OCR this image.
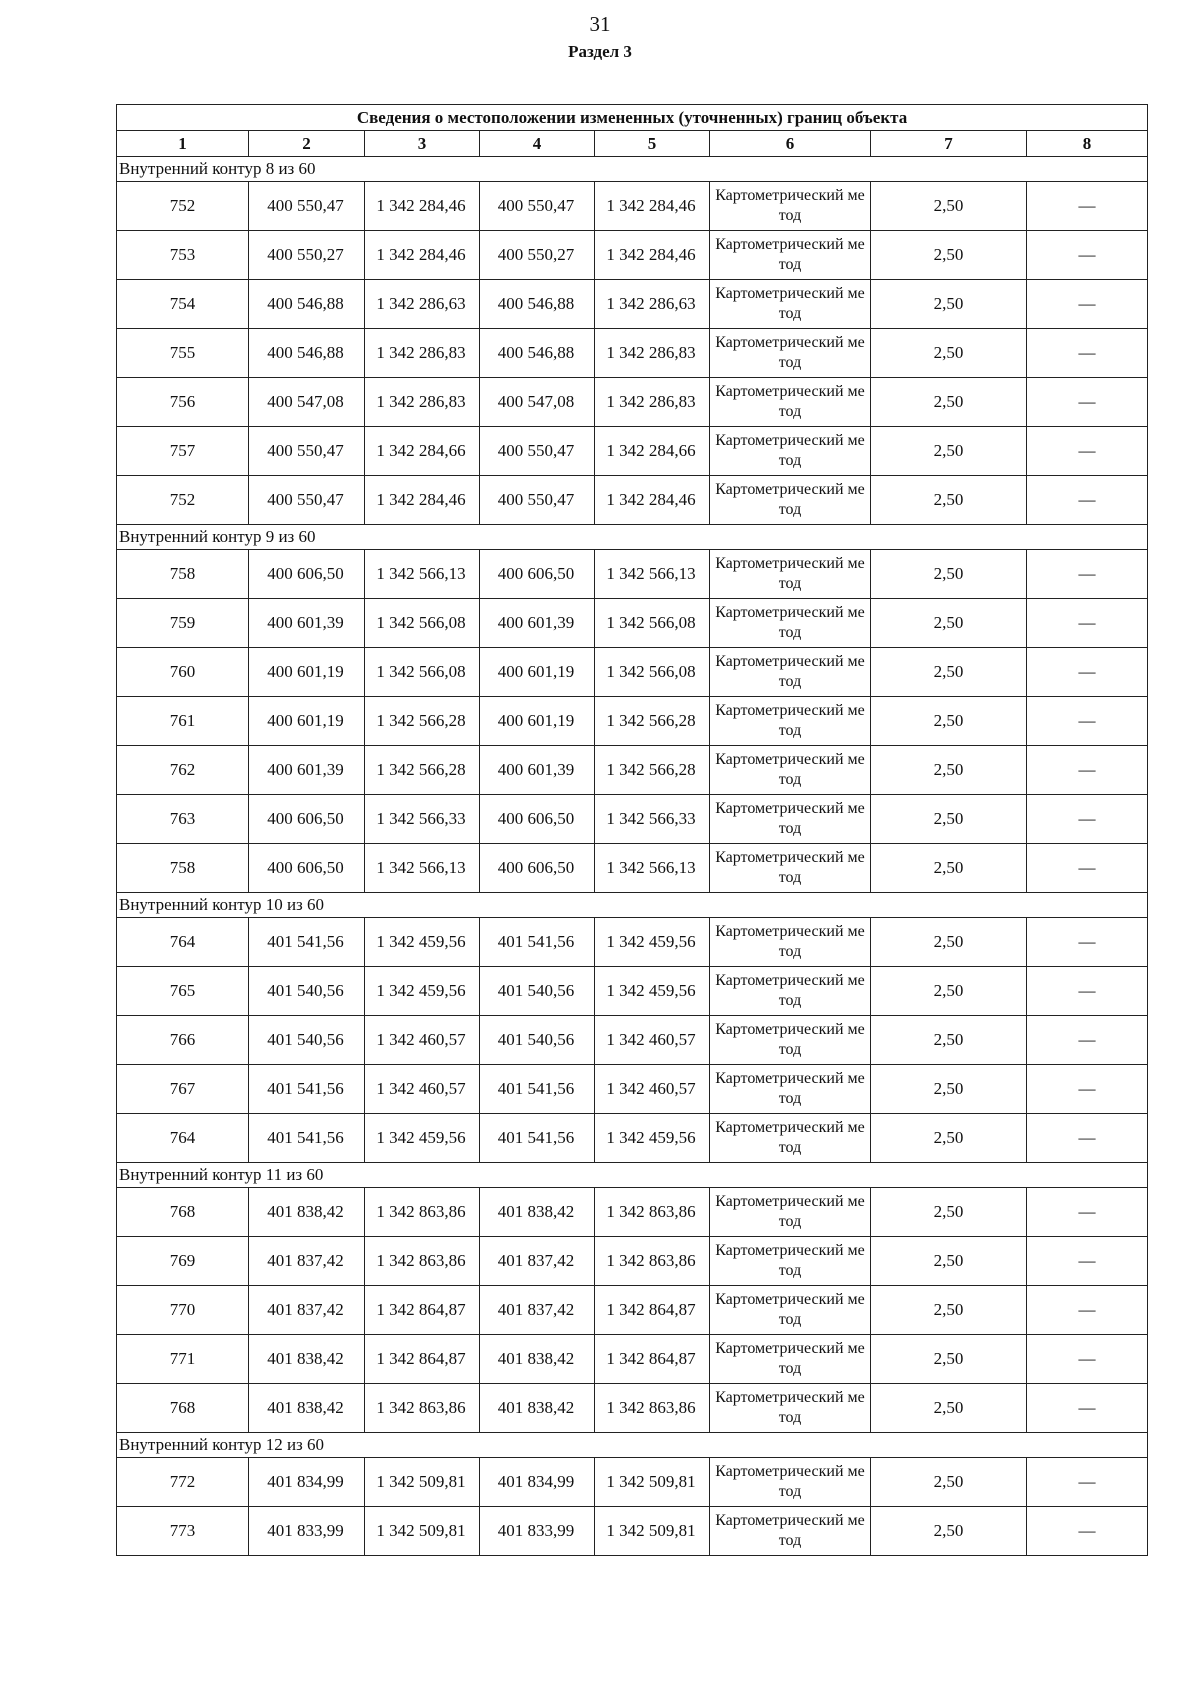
31
Раздел 3
Сведения о местоположении измененных (уточненных) границ объекта							
1	2	3	4	5	6	7	8
Внутренний контур 8 из 60							
752	400 550,47	1 342 284,46	400 550,47	1 342 284,46	Картометрический метод	2,50	—
753	400 550,27	1 342 284,46	400 550,27	1 342 284,46	Картометрический метод	2,50	—
754	400 546,88	1 342 286,63	400 546,88	1 342 286,63	Картометрический метод	2,50	—
755	400 546,88	1 342 286,83	400 546,88	1 342 286,83	Картометрический метод	2,50	—
756	400 547,08	1 342 286,83	400 547,08	1 342 286,83	Картометрический метод	2,50	—
757	400 550,47	1 342 284,66	400 550,47	1 342 284,66	Картометрический метод	2,50	—
752	400 550,47	1 342 284,46	400 550,47	1 342 284,46	Картометрический метод	2,50	—
Внутренний контур 9 из 60							
758	400 606,50	1 342 566,13	400 606,50	1 342 566,13	Картометрический метод	2,50	—
759	400 601,39	1 342 566,08	400 601,39	1 342 566,08	Картометрический метод	2,50	—
760	400 601,19	1 342 566,08	400 601,19	1 342 566,08	Картометрический метод	2,50	—
761	400 601,19	1 342 566,28	400 601,19	1 342 566,28	Картометрический метод	2,50	—
762	400 601,39	1 342 566,28	400 601,39	1 342 566,28	Картометрический метод	2,50	—
763	400 606,50	1 342 566,33	400 606,50	1 342 566,33	Картометрический метод	2,50	—
758	400 606,50	1 342 566,13	400 606,50	1 342 566,13	Картометрический метод	2,50	—
Внутренний контур 10 из 60							
764	401 541,56	1 342 459,56	401 541,56	1 342 459,56	Картометрический метод	2,50	—
765	401 540,56	1 342 459,56	401 540,56	1 342 459,56	Картометрический метод	2,50	—
766	401 540,56	1 342 460,57	401 540,56	1 342 460,57	Картометрический метод	2,50	—
767	401 541,56	1 342 460,57	401 541,56	1 342 460,57	Картометрический метод	2,50	—
764	401 541,56	1 342 459,56	401 541,56	1 342 459,56	Картометрический метод	2,50	—
Внутренний контур 11 из 60							
768	401 838,42	1 342 863,86	401 838,42	1 342 863,86	Картометрический метод	2,50	—
769	401 837,42	1 342 863,86	401 837,42	1 342 863,86	Картометрический метод	2,50	—
770	401 837,42	1 342 864,87	401 837,42	1 342 864,87	Картометрический метод	2,50	—
771	401 838,42	1 342 864,87	401 838,42	1 342 864,87	Картометрический метод	2,50	—
768	401 838,42	1 342 863,86	401 838,42	1 342 863,86	Картометрический метод	2,50	—
Внутренний контур 12 из 60							
772	401 834,99	1 342 509,81	401 834,99	1 342 509,81	Картометрический метод	2,50	—
773	401 833,99	1 342 509,81	401 833,99	1 342 509,81	Картометрический метод	2,50	—
